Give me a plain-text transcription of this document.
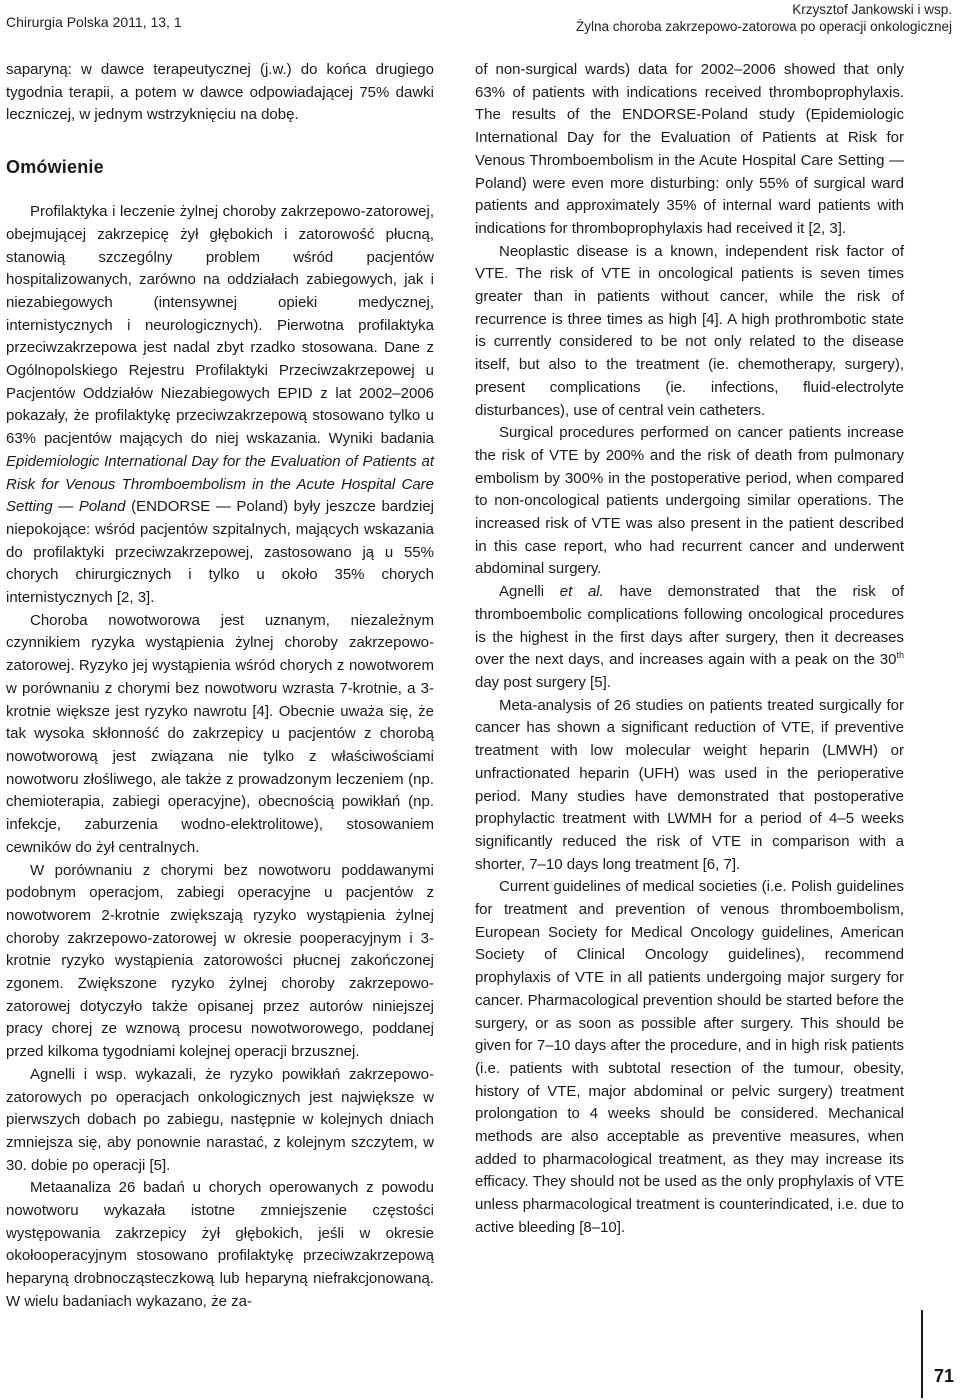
Chirurgia Polska 2011, 13, 1
Krzysztof Jankowski i wsp.
Żylna choroba zakrzepowo-zatorowa po operacji onkologicznej

saparyną: w dawce terapeutycznej (j.w.) do końca drugiego tygodnia terapii, a potem w dawce odpowiadającej 75% dawki leczniczej, w jednym wstrzyknięciu na dobę.

Omówienie

Profilaktyka i leczenie żylnej choroby zakrzepowo-zatorowej, obejmującej zakrzepicę żył głębokich i zatorowość płucną, stanowią szczególny problem wśród pacjentów hospitalizowanych, zarówno na oddziałach zabiegowych, jak i niezabiegowych (intensywnej opieki medycznej, internistycznych i neurologicznych). Pierwotna profilaktyka przeciwzakrzepowa jest nadal zbyt rzadko stosowana. Dane z Ogólnopolskiego Rejestru Profilaktyki Przeciwzakrzepowej u Pacjentów Oddziałów Niezabiegowych EPID z lat 2002–2006 pokazały, że profilaktykę przeciwzakrzepową stosowano tylko u 63% pacjentów mających do niej wskazania. Wyniki badania Epidemiologic International Day for the Evaluation of Patients at Risk for Venous Thromboembolism in the Acute Hospital Care Setting — Poland (ENDORSE — Poland) były jeszcze bardziej niepokojące: wśród pacjentów szpitalnych, mających wskazania do profilaktyki przeciwzakrzepowej, zastosowano ją u 55% chorych chirurgicznych i tylko u około 35% chorych internistycznych [2, 3].

Choroba nowotworowa jest uznanym, niezależnym czynnikiem ryzyka wystąpienia żylnej choroby zakrzepowo-zatorowej. Ryzyko jej wystąpienia wśród chorych z nowotworem w porównaniu z chorymi bez nowotworu wzrasta 7-krotnie, a 3-krotnie większe jest ryzyko nawrotu [4]. Obecnie uważa się, że tak wysoka skłonność do zakrzepicy u pacjentów z chorobą nowotworową jest związana nie tylko z właściwościami nowotworu złośliwego, ale także z prowadzonym leczeniem (np. chemioterapia, zabiegi operacyjne), obecnością powikłań (np. infekcje, zaburzenia wodno-elektrolitowe), stosowaniem cewników do żył centralnych.

W porównaniu z chorymi bez nowotworu poddawanymi podobnym operacjom, zabiegi operacyjne u pacjentów z nowotworem 2-krotnie zwiększają ryzyko wystąpienia żylnej choroby zakrzepowo-zatorowej w okresie pooperacyjnym i 3-krotnie ryzyko wystąpienia zatorowości płucnej zakończonej zgonem. Zwiększone ryzyko żylnej choroby zakrzepowo-zatorowej dotyczyło także opisanej przez autorów niniejszej pracy chorej ze wznową procesu nowotworowego, poddanej przed kilkoma tygodniami kolejnej operacji brzusznej.

Agnelli i wsp. wykazali, że ryzyko powikłań zakrzepowo-zatorowych po operacjach onkologicznych jest największe w pierwszych dobach po zabiegu, następnie w kolejnych dniach zmniejsza się, aby ponownie narastać, z kolejnym szczytem, w 30. dobie po operacji [5].

Metaanaliza 26 badań u chorych operowanych z powodu nowotworu wykazała istotne zmniejszenie częstości występowania zakrzepicy żył głębokich, jeśli w okresie okołooperacyjnym stosowano profilaktykę przeciwzakrzepową heparyną drobnocząsteczkową lub heparyną niefrakcjonowaną. W wielu badaniach wykazano, że za-

of non-surgical wards) data for 2002–2006 showed that only 63% of patients with indications received thromboprophylaxis. The results of the ENDORSE-Poland study (Epidemiologic International Day for the Evaluation of Patients at Risk for Venous Thromboembolism in the Acute Hospital Care Setting — Poland) were even more disturbing: only 55% of surgical ward patients and approximately 35% of internal ward patients with indications for thromboprophylaxis had received it [2, 3].

Neoplastic disease is a known, independent risk factor of VTE. The risk of VTE in oncological patients is seven times greater than in patients without cancer, while the risk of recurrence is three times as high [4]. A high prothrombotic state is currently considered to be not only related to the disease itself, but also to the treatment (ie. chemotherapy, surgery), present complications (ie. infections, fluid-electrolyte disturbances), use of central vein catheters.

Surgical procedures performed on cancer patients increase the risk of VTE by 200% and the risk of death from pulmonary embolism by 300% in the postoperative period, when compared to non-oncological patients undergoing similar operations. The increased risk of VTE was also present in the patient described in this case report, who had recurrent cancer and underwent abdominal surgery.

Agnelli et al. have demonstrated that the risk of thromboembolic complications following oncological procedures is the highest in the first days after surgery, then it decreases over the next days, and increases again with a peak on the 30th day post surgery [5].

Meta-analysis of 26 studies on patients treated surgically for cancer has shown a significant reduction of VTE, if preventive treatment with low molecular weight heparin (LMWH) or unfractionated heparin (UFH) was used in the perioperative period. Many studies have demonstrated that postoperative prophylactic treatment with LWMH for a period of 4–5 weeks significantly reduced the risk of VTE in comparison with a shorter, 7–10 days long treatment [6, 7].

Current guidelines of medical societies (i.e. Polish guidelines for treatment and prevention of venous thromboembolism, European Society for Medical Oncology guidelines, American Society of Clinical Oncology guidelines), recommend prophylaxis of VTE in all patients undergoing major surgery for cancer. Pharmacological prevention should be started before the surgery, or as soon as possible after surgery. This should be given for 7–10 days after the procedure, and in high risk patients (i.e. patients with subtotal resection of the tumour, obesity, history of VTE, major abdominal or pelvic surgery) treatment prolongation to 4 weeks should be considered. Mechanical methods are also acceptable as preventive measures, when added to pharmacological treatment, as they may increase its efficacy. They should not be used as the only prophylaxis of VTE unless pharmacological treatment is counterindicated, i.e. due to active bleeding [8–10].

71
